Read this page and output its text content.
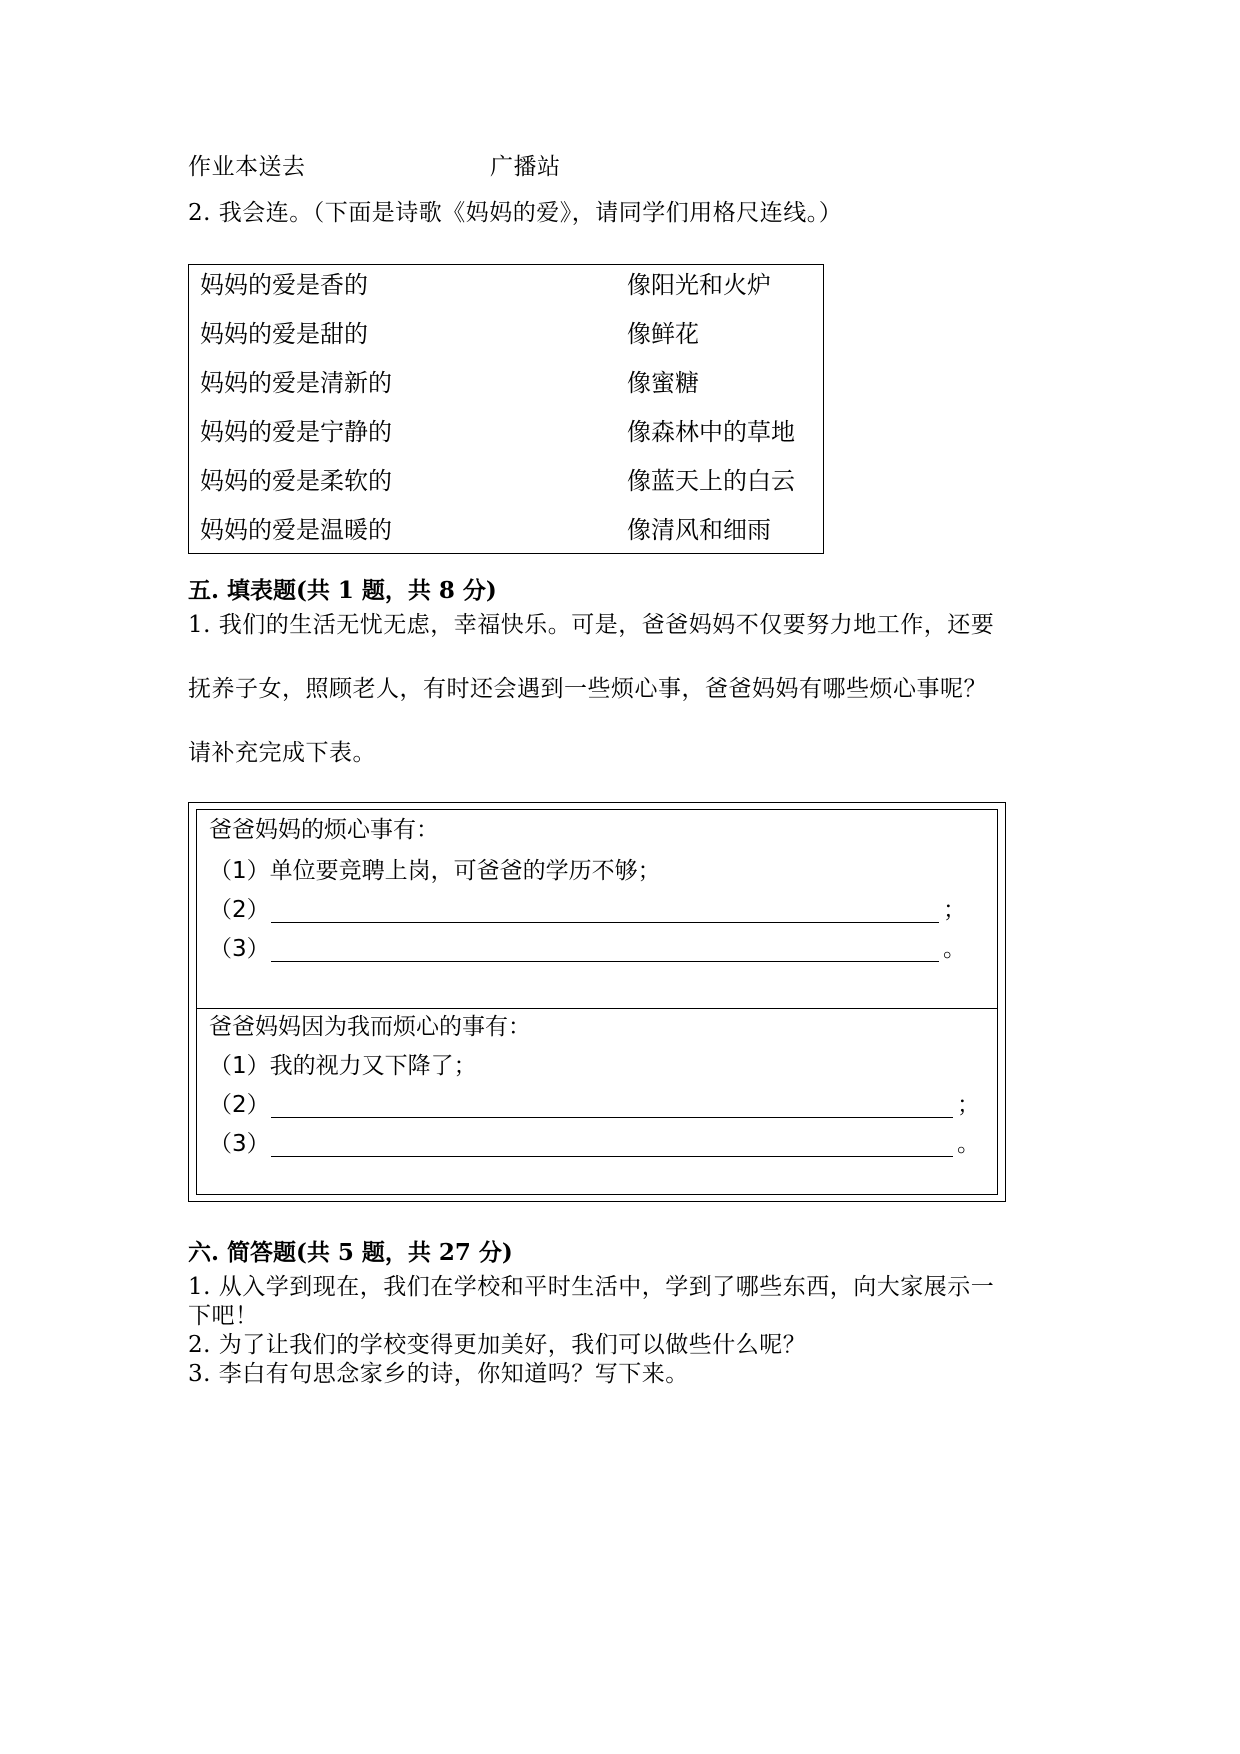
作业本送去	广播站
2. 我会连。（下面是诗歌《妈妈的爱》，请同学们用格尺连线。）
妈妈的爱是香的	像阳光和火炉
妈妈的爱是甜的	像鲜花
妈妈的爱是清新的	像蜜糖
妈妈的爱是宁静的	像森林中的草地
妈妈的爱是柔软的	像蓝天上的白云
妈妈的爱是温暖的	像清风和细雨
五. 填表题(共 1 题，共 8 分)
1. 我们的生活无忧无虑，幸福快乐。可是，爸爸妈妈不仅要努力地工作，还要
抚养子女，照顾老人，有时还会遇到一些烦心事，爸爸妈妈有哪些烦心事呢？
请补充完成下表。
爸爸妈妈的烦心事有：
（1）单位要竞聘上岗，可爸爸的学历不够；
（2）	；
（3）	。
爸爸妈妈因为我而烦心的事有：
（1）我的视力又下降了；
（2）	；
（3）	。
六. 简答题(共 5 题，共 27 分)
1. 从入学到现在，我们在学校和平时生活中，学到了哪些东西，向大家展示一
下吧！
2. 为了让我们的学校变得更加美好，我们可以做些什么呢？
3. 李白有句思念家乡的诗，你知道吗？写下来。
